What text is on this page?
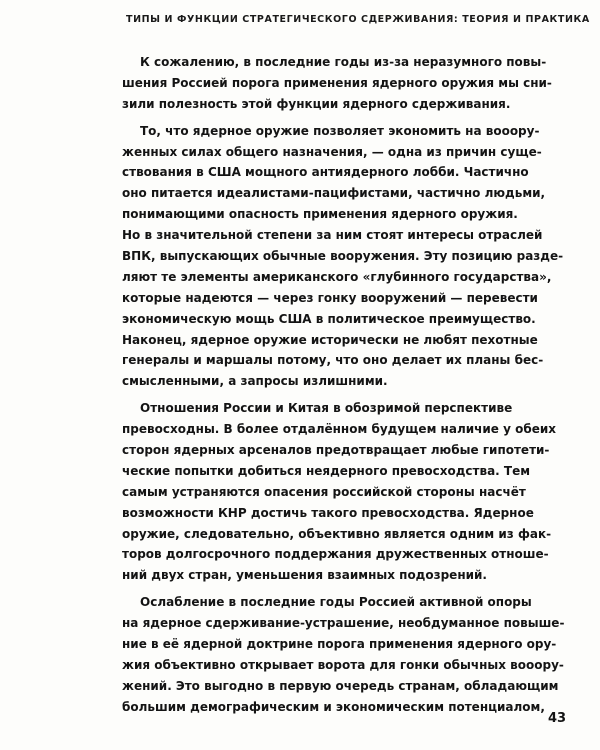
ТИПЫ И ФУНКЦИИ СТРАТЕГИЧЕСКОГО СДЕРЖИВАНИЯ: ТЕОРИЯ И ПРАКТИКА
К сожалению, в последние годы из-за неразумного повы-
шения Россией порога применения ядерного оружия мы сни-
зили полезность этой функции ядерного сдерживания.
То, что ядерное оружие позволяет экономить на вооору-
женных силах общего назначения, — одна из причин суще-
ствования в США мощного антиядерного лобби. Частично
оно питается идеалистами-пацифистами, частично людьми,
понимающими опасность применения ядерного оружия.
Но в значительной степени за ним стоят интересы отраслей
ВПК, выпускающих обычные вооружения. Эту позицию разде-
ляют те элементы американского «глубинного государства»,
которые надеются — через гонку вооружений — перевести
экономическую мощь США в политическое преимущество.
Наконец, ядерное оружие исторически не любят пехотные
генералы и маршалы потому, что оно делает их планы бес-
смысленными, а запросы излишними.
Отношения России и Китая в обозримой перспективе
превосходны. В более отдалённом будущем наличие у обеих
сторон ядерных арсеналов предотвращает любые гипотети-
ческие попытки добиться неядерного превосходства. Тем
самым устраняются опасения российской стороны насчёт
возможности КНР достичь такого превосходства. Ядерное
оружие, следовательно, объективно является одним из фак-
торов долгосрочного поддержания дружественных отноше-
ний двух стран, уменьшения взаимных подозрений.
Ослабление в последние годы Россией активной опоры
на ядерное сдерживание-устрашение, необдуманное повыше-
ние в её ядерной доктрине порога применения ядерного ору-
жия объективно открывает ворота для гонки обычных вооору-
жений. Это выгодно в первую очередь странам, обладающим
большим демографическим и экономическим потенциалом,
43
